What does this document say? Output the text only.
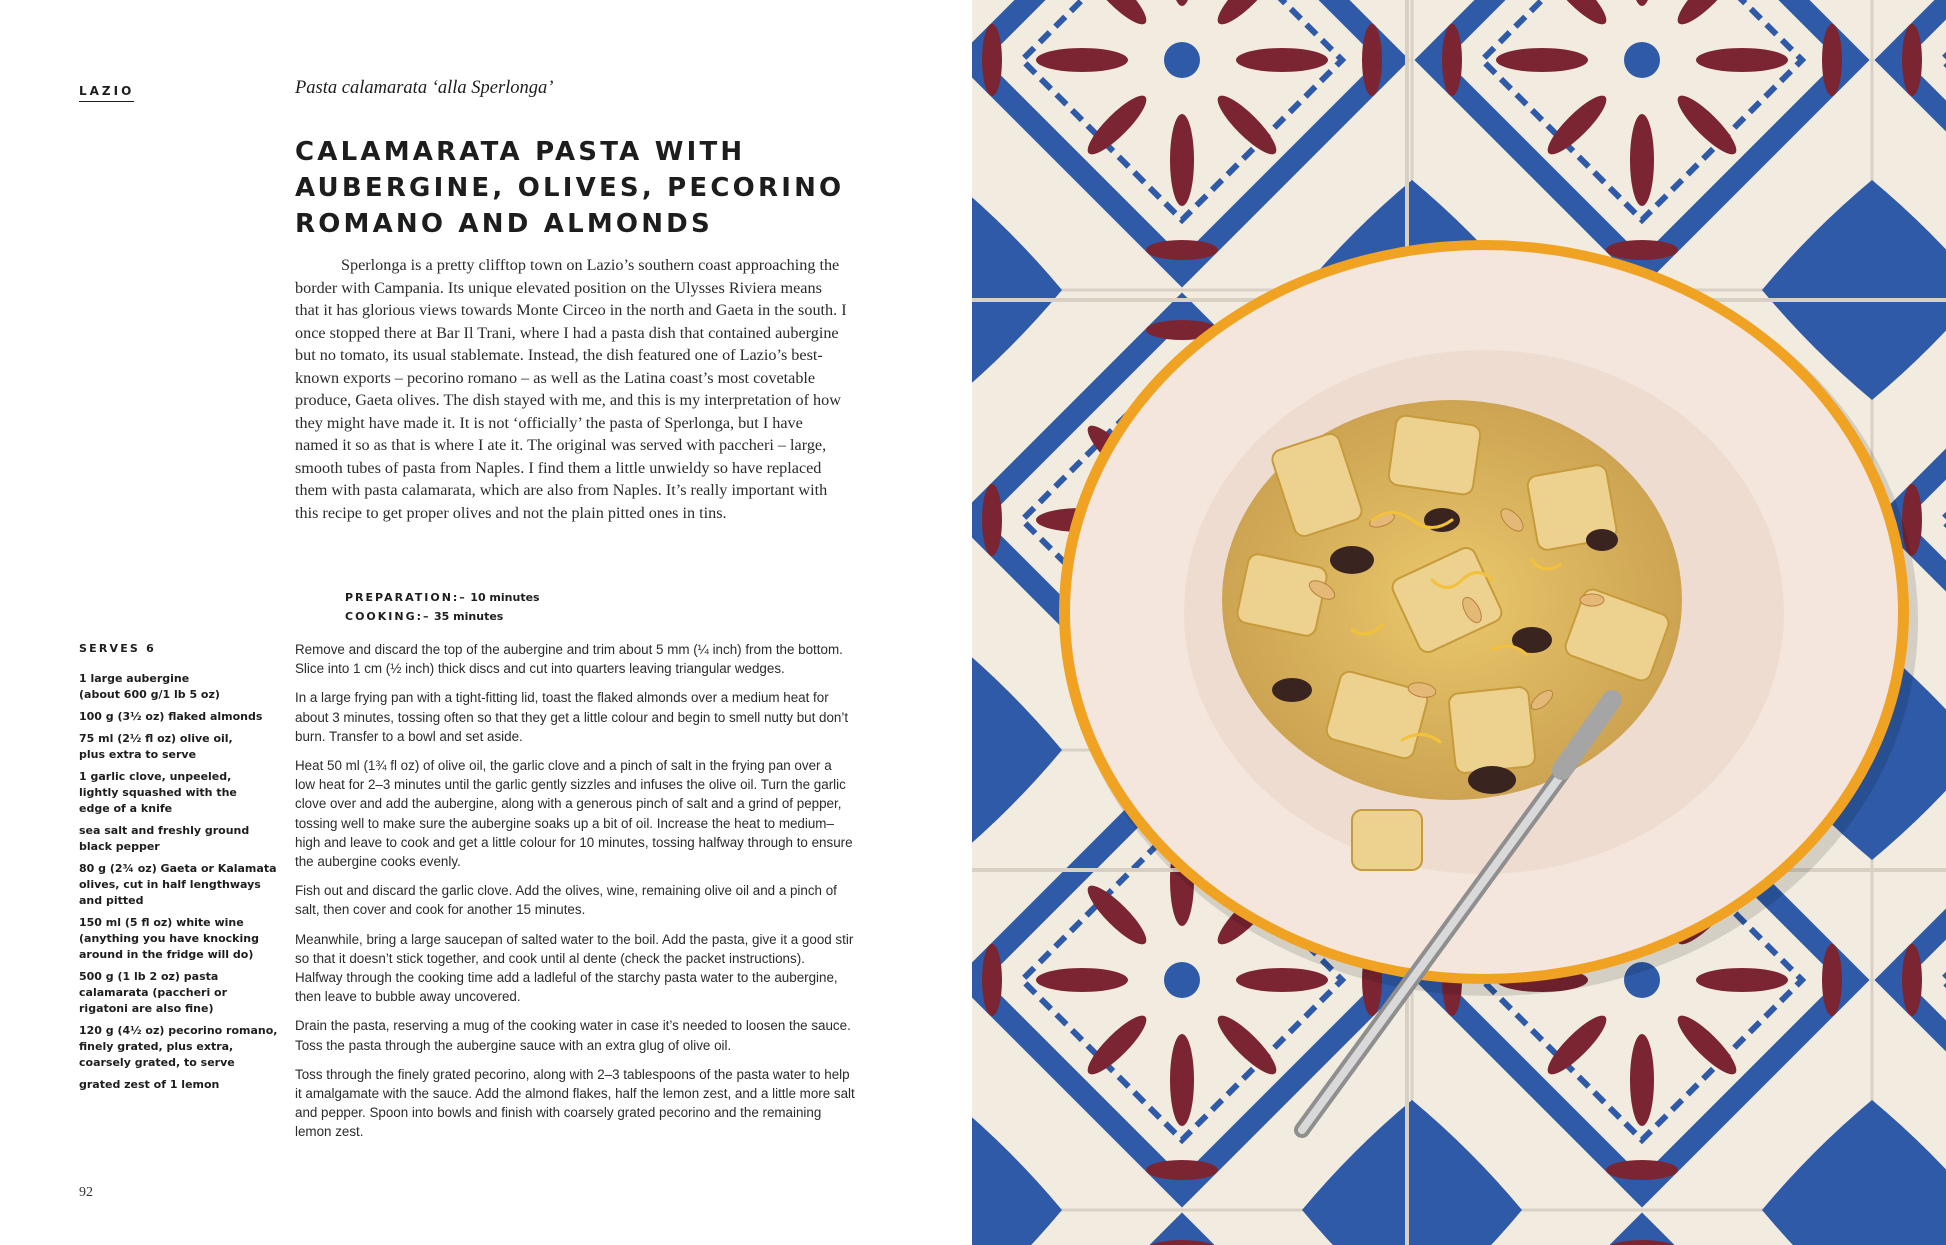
LAZIO	Pasta calamarata ‘alla Sperlonga’
CALAMARATA PASTA WITH AUBERGINE, OLIVES, PECORINO ROMANO AND ALMONDS

Sperlonga is a pretty clifftop town on Lazio’s southern coast approaching the border with Campania. Its unique elevated position on the Ulysses Riviera means that it has glorious views towards Monte Circeo in the north and Gaeta in the south. I once stopped there at Bar Il Trani, where I had a pasta dish that contained aubergine but no tomato, its usual stablemate. Instead, the dish featured one of Lazio’s best-known exports – pecorino romano – as well as the Latina coast’s most covetable produce, Gaeta olives. The dish stayed with me, and this is my interpretation of how they might have made it. It is not ‘officially’ the pasta of Sperlonga, but I have named it so as that is where I ate it. The original was served with paccheri – large, smooth tubes of pasta from Naples. I find them a little unwieldy so have replaced them with pasta calamarata, which are also from Naples. It’s really important with this recipe to get proper olives and not the plain pitted ones in tins.

PREPARATION:– 10 minutes
COOKING:– 35 minutes
SERVES 6
1 large aubergine
(about 600 g/1 lb 5 oz)
100 g (3½ oz) flaked almonds
75 ml (2½ fl oz) olive oil,
plus extra to serve
1 garlic clove, unpeeled,
lightly squashed with the
edge of a knife
sea salt and freshly ground
black pepper
80 g (2¾ oz) Gaeta or Kalamata
olives, cut in half lengthways
and pitted
150 ml (5 fl oz) white wine
(anything you have knocking
around in the fridge will do)
500 g (1 lb 2 oz) pasta
calamarata (paccheri or
rigatoni are also fine)
120 g (4½ oz) pecorino romano,
finely grated, plus extra,
coarsely grated, to serve
grated zest of 1 lemon

Remove and discard the top of the aubergine and trim about 5 mm (¼ inch) from the bottom. Slice into 1 cm (½ inch) thick discs and cut into quarters leaving triangular wedges.

In a large frying pan with a tight-fitting lid, toast the flaked almonds over a medium heat for about 3 minutes, tossing often so that they get a little colour and begin to smell nutty but don’t burn. Transfer to a bowl and set aside.

Heat 50 ml (1¾ fl oz) of olive oil, the garlic clove and a pinch of salt in the frying pan over a low heat for 2–3 minutes until the garlic gently sizzles and infuses the olive oil. Turn the garlic clove over and add the aubergine, along with a generous pinch of salt and a grind of pepper, tossing well to make sure the aubergine soaks up a bit of oil. Increase the heat to medium–high and leave to cook and get a little colour for 10 minutes, tossing halfway through to ensure the aubergine cooks evenly.

Fish out and discard the garlic clove. Add the olives, wine, remaining olive oil and a pinch of salt, then cover and cook for another 15 minutes.

Meanwhile, bring a large saucepan of salted water to the boil. Add the pasta, give it a good stir so that it doesn’t stick together, and cook until al dente (check the packet instructions). Halfway through the cooking time add a ladleful of the starchy pasta water to the aubergine, then leave to bubble away uncovered.

Drain the pasta, reserving a mug of the cooking water in case it’s needed to loosen the sauce. Toss the pasta through the aubergine sauce with an extra glug of olive oil.

Toss through the finely grated pecorino, along with 2–3 tablespoons of the pasta water to help it amalgamate with the sauce. Add the almond flakes, half the lemon zest, and a little more salt and pepper. Spoon into bowls and finish with coarsely grated pecorino and the remaining lemon zest.

92
